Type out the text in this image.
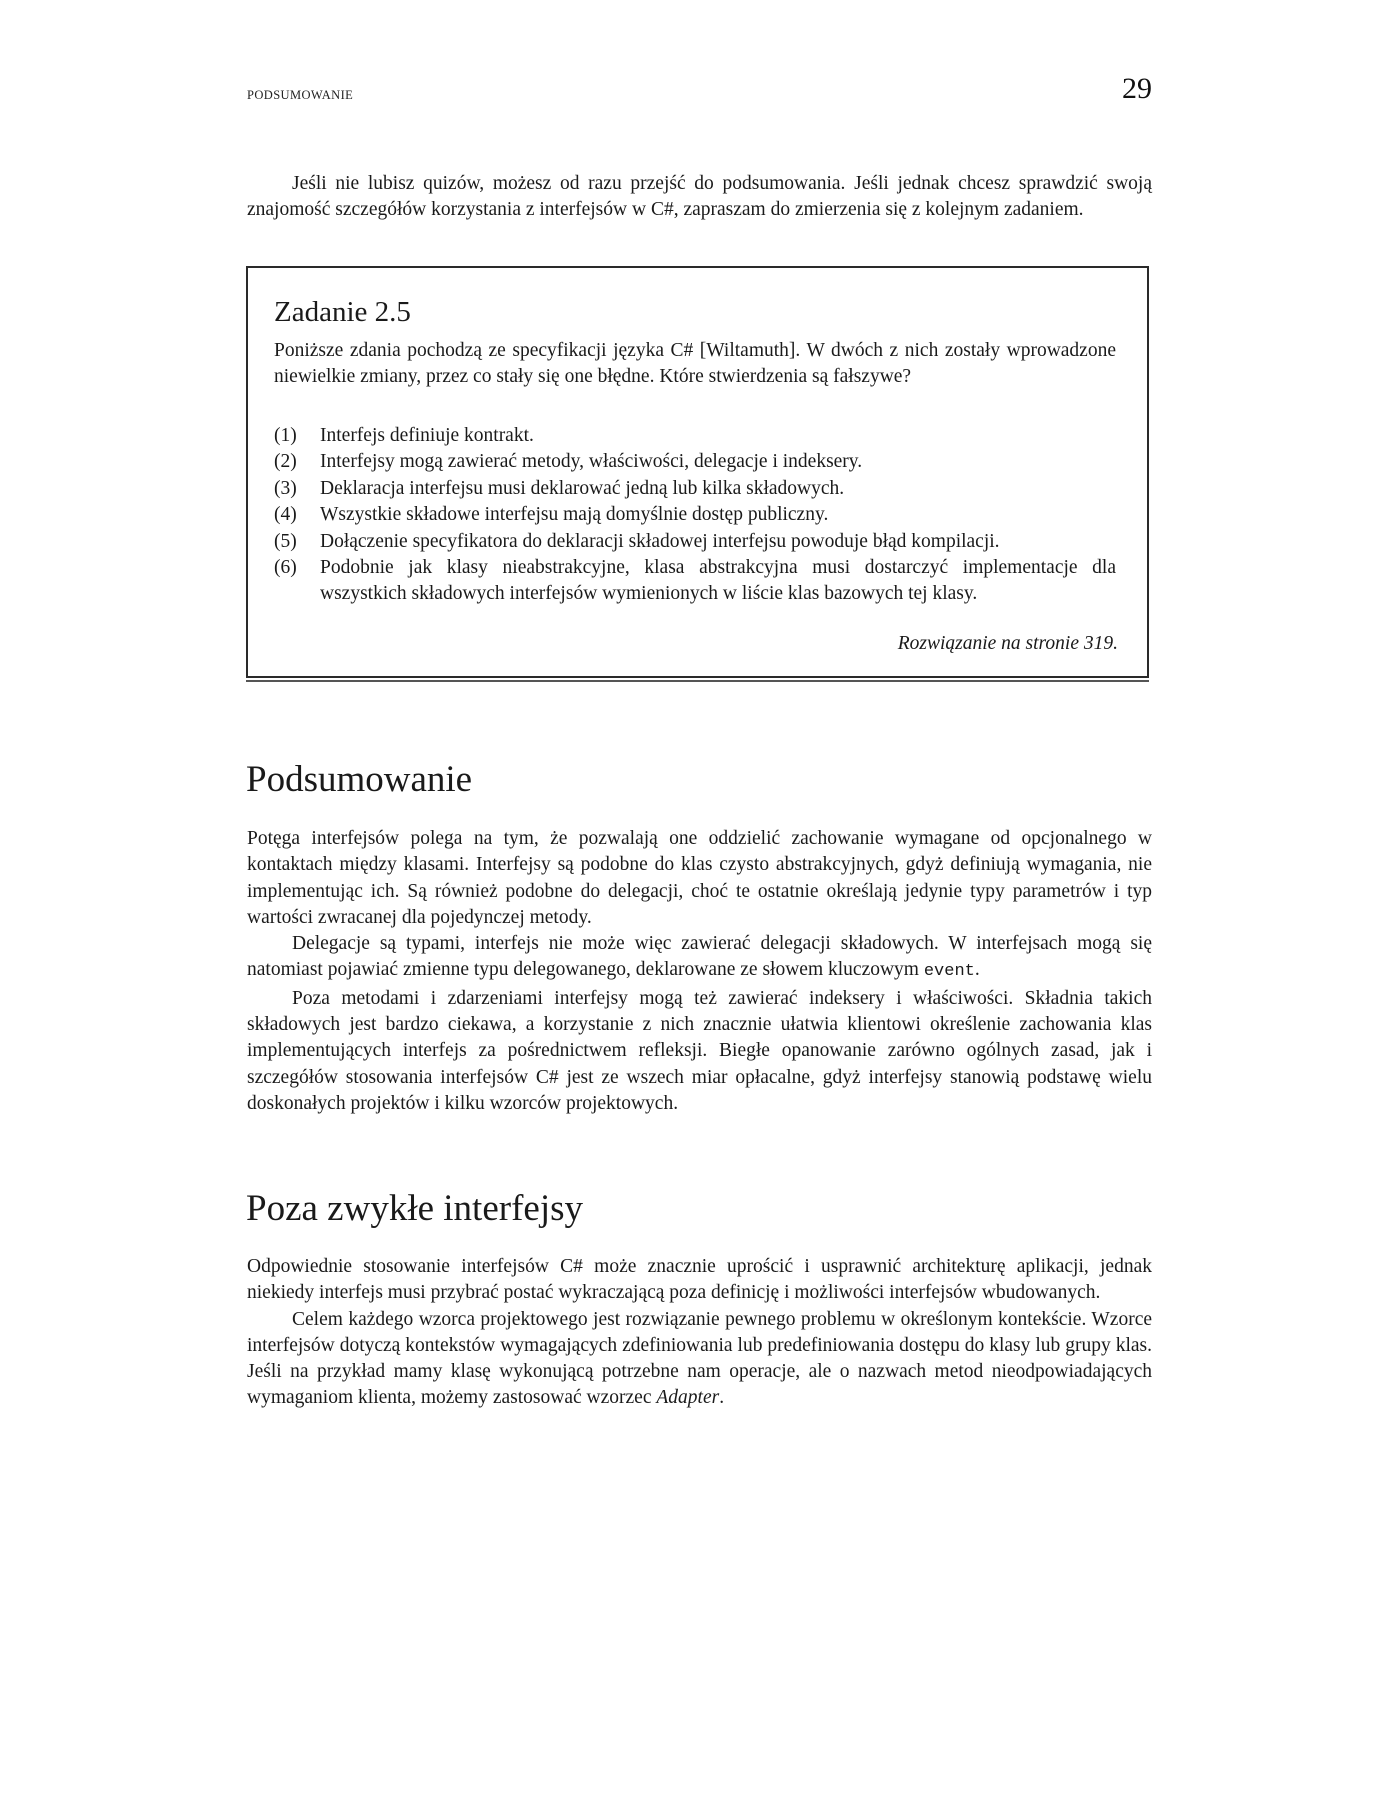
PODSUMOWANIE	29

Jeśli nie lubisz quizów, możesz od razu przejść do podsumowania. Jeśli jednak chcesz sprawdzić swoją znajomość szczegółów korzystania z interfejsów w C#, zapraszam do zmierzenia się z kolejnym zadaniem.

Zadanie 2.5

Poniższe zdania pochodzą ze specyfikacji języka C# [Wiltamuth]. W dwóch z nich zostały wprowadzone niewielkie zmiany, przez co stały się one błędne. Które stwierdzenia są fałszywe?

(1)	Interfejs definiuje kontrakt.
(2)	Interfejsy mogą zawierać metody, właściwości, delegacje i indeksery.
(3)	Deklaracja interfejsu musi deklarować jedną lub kilka składowych.
(4)	Wszystkie składowe interfejsu mają domyślnie dostęp publiczny.
(5)	Dołączenie specyfikatora do deklaracji składowej interfejsu powoduje błąd kompilacji.
(6)	Podobnie jak klasy nieabstrakcyjne, klasa abstrakcyjna musi dostarczyć implementacje dla wszystkich składowych interfejsów wymienionych w liście klas bazowych tej klasy.
Rozwiązanie na stronie 319.
Podsumowanie

Potęga interfejsów polega na tym, że pozwalają one oddzielić zachowanie wymagane od opcjonalnego w kontaktach między klasami. Interfejsy są podobne do klas czysto abstrakcyjnych, gdyż definiują wymagania, nie implementując ich. Są również podobne do delegacji, choć te ostatnie określają jedynie typy parametrów i typ wartości zwracanej dla pojedynczej metody.

Delegacje są typami, interfejs nie może więc zawierać delegacji składowych. W interfejsach mogą się natomiast pojawiać zmienne typu delegowanego, deklarowane ze słowem kluczowym event.

Poza metodami i zdarzeniami interfejsy mogą też zawierać indeksery i właściwości. Składnia takich składowych jest bardzo ciekawa, a korzystanie z nich znacznie ułatwia klientowi określenie zachowania klas implementujących interfejs za pośrednictwem refleksji. Biegłe opanowanie zarówno ogólnych zasad, jak i szczegółów stosowania interfejsów C# jest ze wszech miar opłacalne, gdyż interfejsy stanowią podstawę wielu doskonałych projektów i kilku wzorców projektowych.

Poza zwykłe interfejsy

Odpowiednie stosowanie interfejsów C# może znacznie uprościć i usprawnić architekturę aplikacji, jednak niekiedy interfejs musi przybrać postać wykraczającą poza definicję i możliwości interfejsów wbudowanych.

Celem każdego wzorca projektowego jest rozwiązanie pewnego problemu w określonym kontekście. Wzorce interfejsów dotyczą kontekstów wymagających zdefiniowania lub predefiniowania dostępu do klasy lub grupy klas. Jeśli na przykład mamy klasę wykonującą potrzebne nam operacje, ale o nazwach metod nieodpowiadających wymaganiom klienta, możemy zastosować wzorzec Adapter.
